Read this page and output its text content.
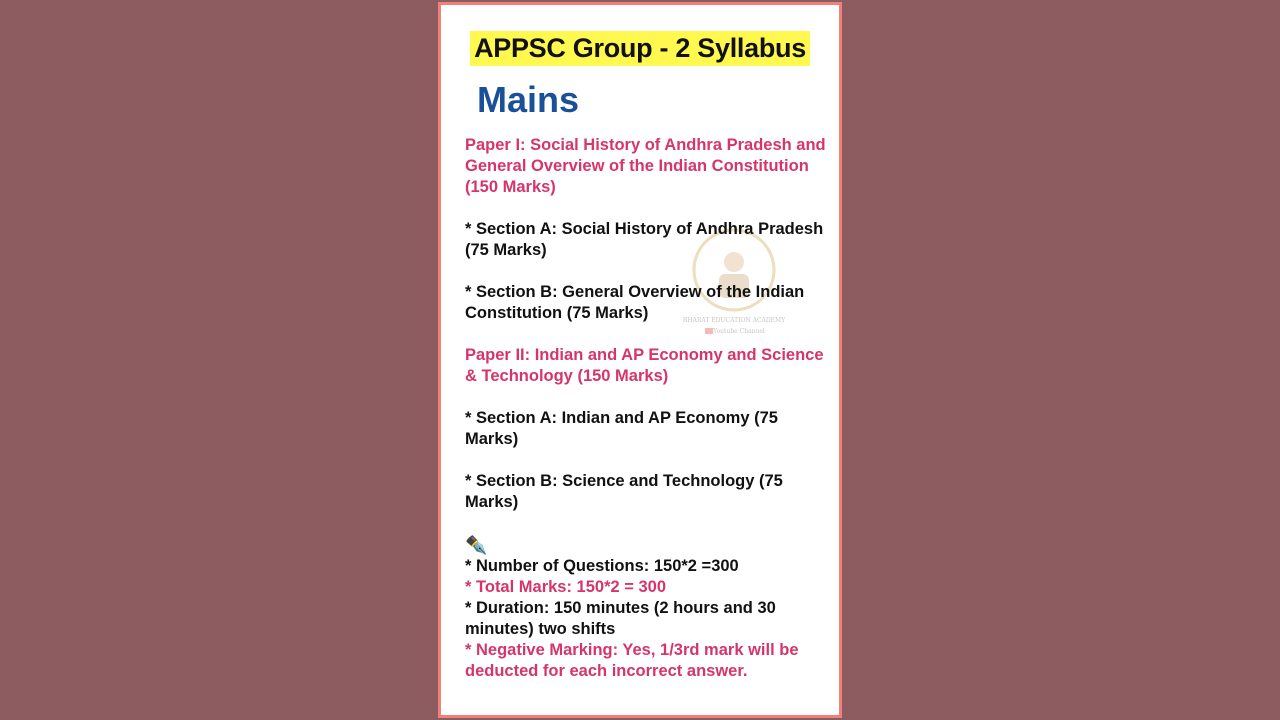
APPSC Group - 2 Syllabus
Mains
BHARAT EDUCATION ACADEMY
Youtube Channel

Paper I: Social History of Andhra Pradesh and General Overview of the Indian Constitution (150 Marks)

* Section A: Social History of Andhra Pradesh (75 Marks)

* Section B: General Overview of the Indian Constitution (75 Marks)

Paper II: Indian and AP Economy and Science & Technology (150 Marks)

* Section A: Indian and AP Economy (75 Marks)

* Section B: Science and Technology (75 Marks)

✒️

* Number of Questions: 150*2 =300

* Total Marks: 150*2 = 300

* Duration: 150 minutes (2 hours and 30 minutes) two shifts

* Negative Marking: Yes, 1/3rd mark will be deducted for each incorrect answer.
